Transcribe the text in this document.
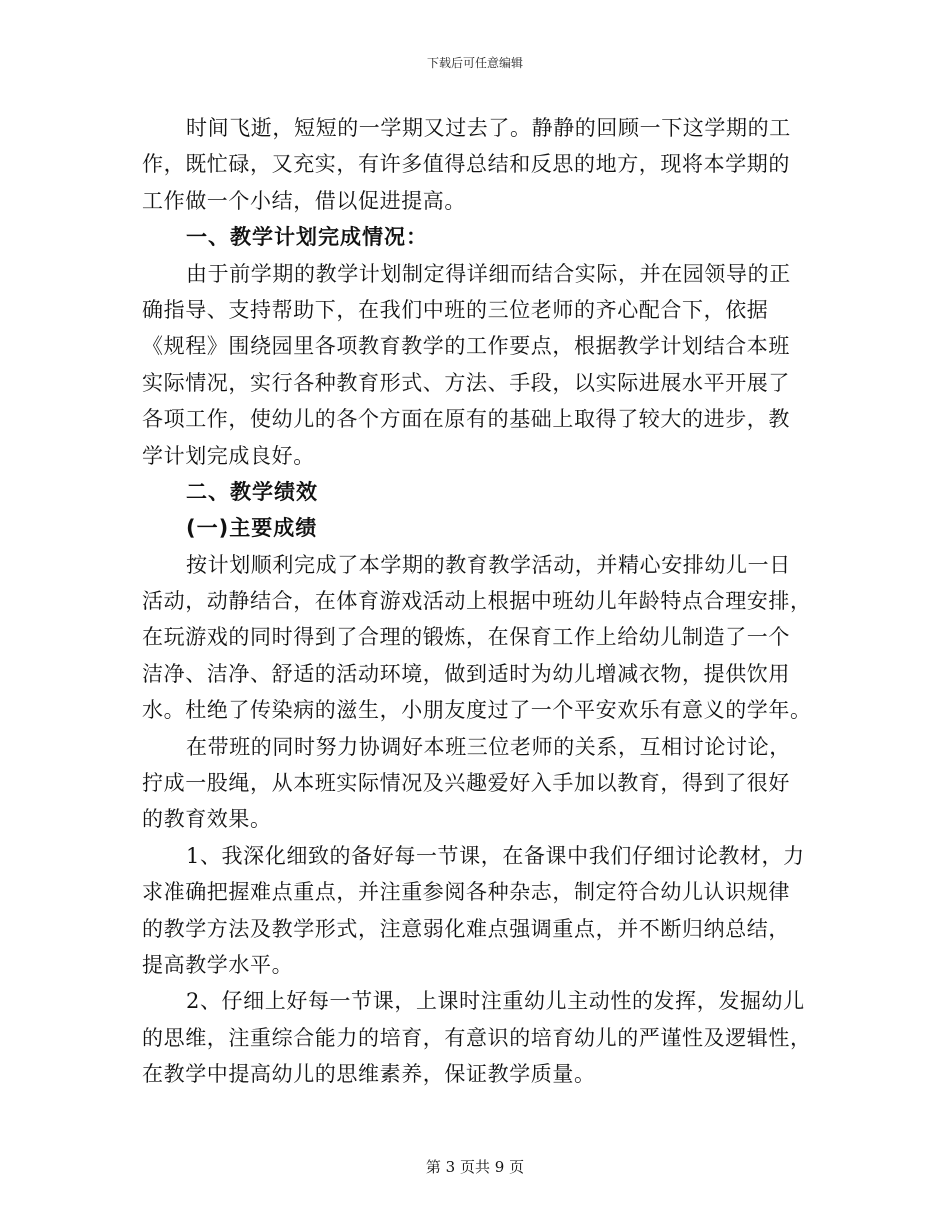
下载后可任意编辑
时间飞逝，短短的一学期又过去了。静静的回顾一下这学期的工
作，既忙碌，又充实，有许多值得总结和反思的地方，现将本学期的
工作做一个小结，借以促进提高。
一、教学计划完成情况：
由于前学期的教学计划制定得详细而结合实际，并在园领导的正
确指导、支持帮助下，在我们中班的三位老师的齐心配合下，依据
《规程》围绕园里各项教育教学的工作要点，根据教学计划结合本班
实际情况，实行各种教育形式、方法、手段，以实际进展水平开展了
各项工作，使幼儿的各个方面在原有的基础上取得了较大的进步，教
学计划完成良好。
二、教学绩效
(一)主要成绩
按计划顺利完成了本学期的教育教学活动，并精心安排幼儿一日
活动，动静结合，在体育游戏活动上根据中班幼儿年龄特点合理安排，
在玩游戏的同时得到了合理的锻炼，在保育工作上给幼儿制造了一个
洁净、洁净、舒适的活动环境，做到适时为幼儿增减衣物，提供饮用
水。杜绝了传染病的滋生，小朋友度过了一个平安欢乐有意义的学年。
在带班的同时努力协调好本班三位老师的关系，互相讨论讨论，
拧成一股绳，从本班实际情况及兴趣爱好入手加以教育，得到了很好
的教育效果。
1、我深化细致的备好每一节课，在备课中我们仔细讨论教材，力
求准确把握难点重点，并注重参阅各种杂志，制定符合幼儿认识规律
的教学方法及教学形式，注意弱化难点强调重点，并不断归纳总结，
提高教学水平。
2、仔细上好每一节课，上课时注重幼儿主动性的发挥，发掘幼儿
的思维，注重综合能力的培育，有意识的培育幼儿的严谨性及逻辑性，
在教学中提高幼儿的思维素养，保证教学质量。
第 3 页共 9 页
